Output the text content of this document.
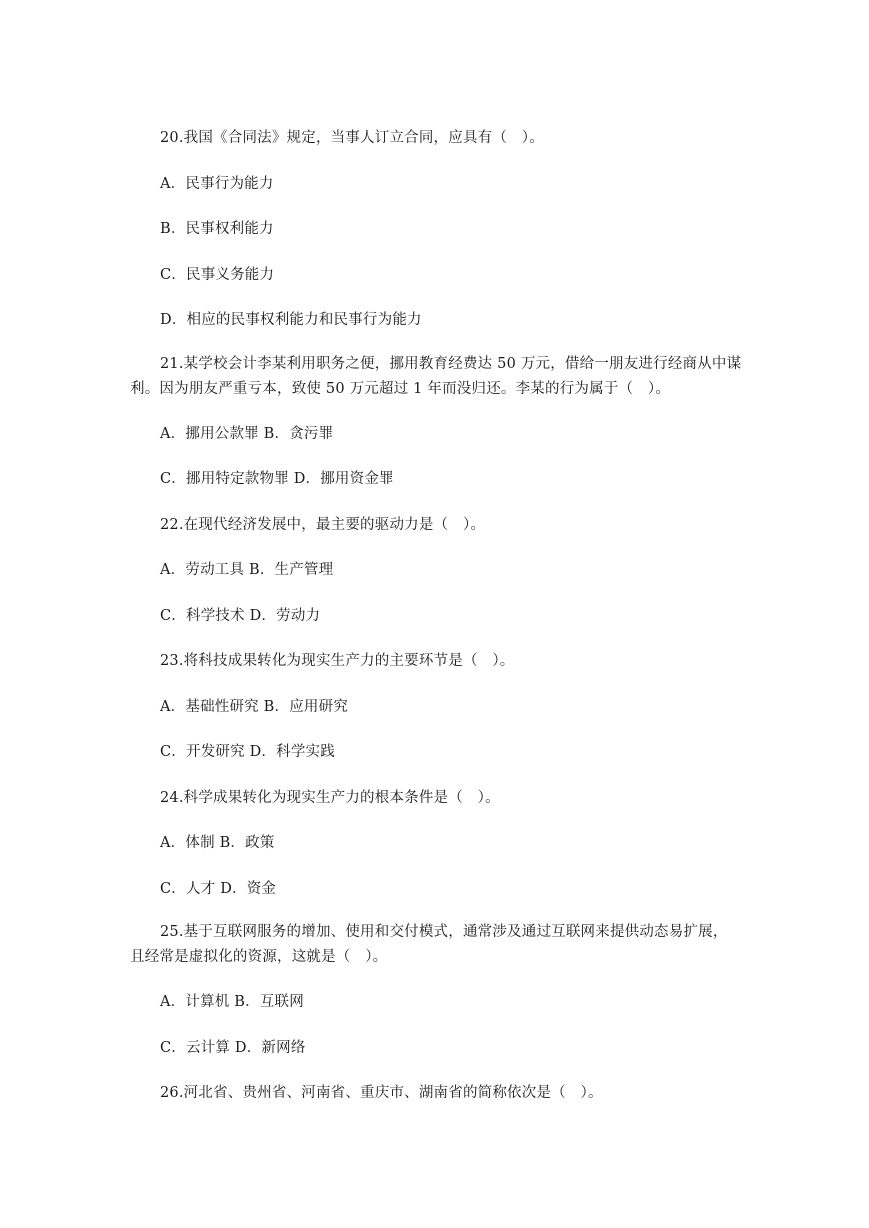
20.我国《合同法》规定，当事人订立合同，应具有（　）。
A．民事行为能力
B．民事权利能力
C．民事义务能力
D．相应的民事权利能力和民事行为能力
21.某学校会计李某利用职务之便，挪用教育经费达 50 万元，借给一朋友进行经商从中谋利。因为朋友严重亏本，致使 50 万元超过 1 年而没归还。李某的行为属于（　）。
A．挪用公款罪 B．贪污罪
C．挪用特定款物罪 D．挪用资金罪
22.在现代经济发展中，最主要的驱动力是（　）。
A．劳动工具 B．生产管理
C．科学技术 D．劳动力
23.将科技成果转化为现实生产力的主要环节是（　）。
A．基础性研究 B．应用研究
C．开发研究 D．科学实践
24.科学成果转化为现实生产力的根本条件是（　）。
A．体制 B．政策
C．人才 D．资金
25.基于互联网服务的增加、使用和交付模式，通常涉及通过互联网来提供动态易扩展，且经常是虚拟化的资源，这就是（　）。
A．计算机 B．互联网
C．云计算 D．新网络
26.河北省、贵州省、河南省、重庆市、湖南省的简称依次是（　）。
